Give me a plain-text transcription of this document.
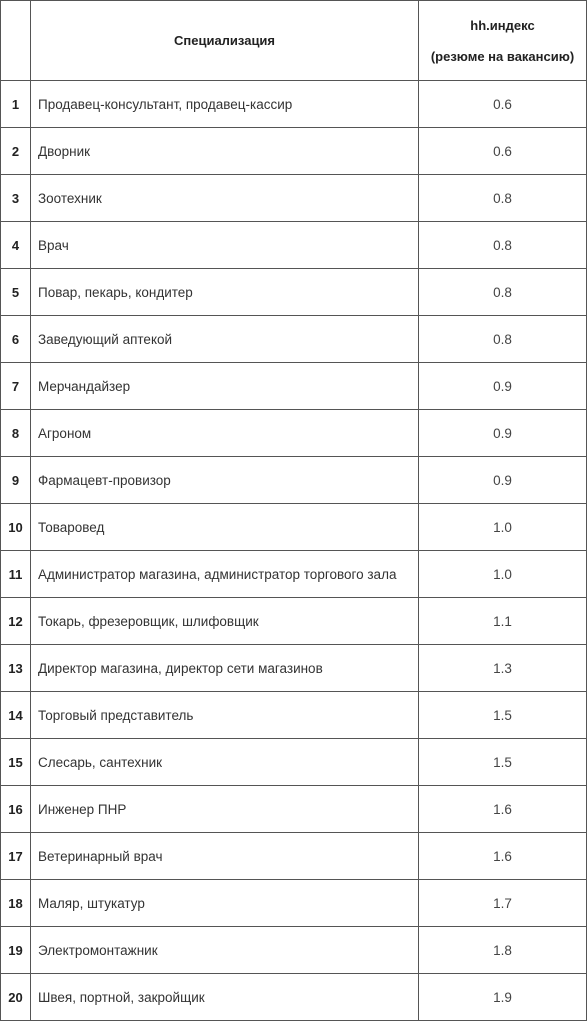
	Специализация	hh.индекс
(резюме на вакансию)

1	Продавец-консультант, продавец-кассир	0.6
2	Дворник	0.6
3	Зоотехник	0.8
4	Врач	0.8
5	Повар, пекарь, кондитер	0.8
6	Заведующий аптекой	0.8
7	Мерчандайзер	0.9
8	Агроном	0.9
9	Фармацевт-провизор	0.9
10	Товаровед	1.0
11	Администратор магазина, администратор торгового зала	1.0
12	Токарь, фрезеровщик, шлифовщик	1.1
13	Директор магазина, директор сети магазинов	1.3
14	Торговый представитель	1.5
15	Слесарь, сантехник	1.5
16	Инженер ПНР	1.6
17	Ветеринарный врач	1.6
18	Маляр, штукатур	1.7
19	Электромонтажник	1.8
20	Швея, портной, закройщик	1.9
